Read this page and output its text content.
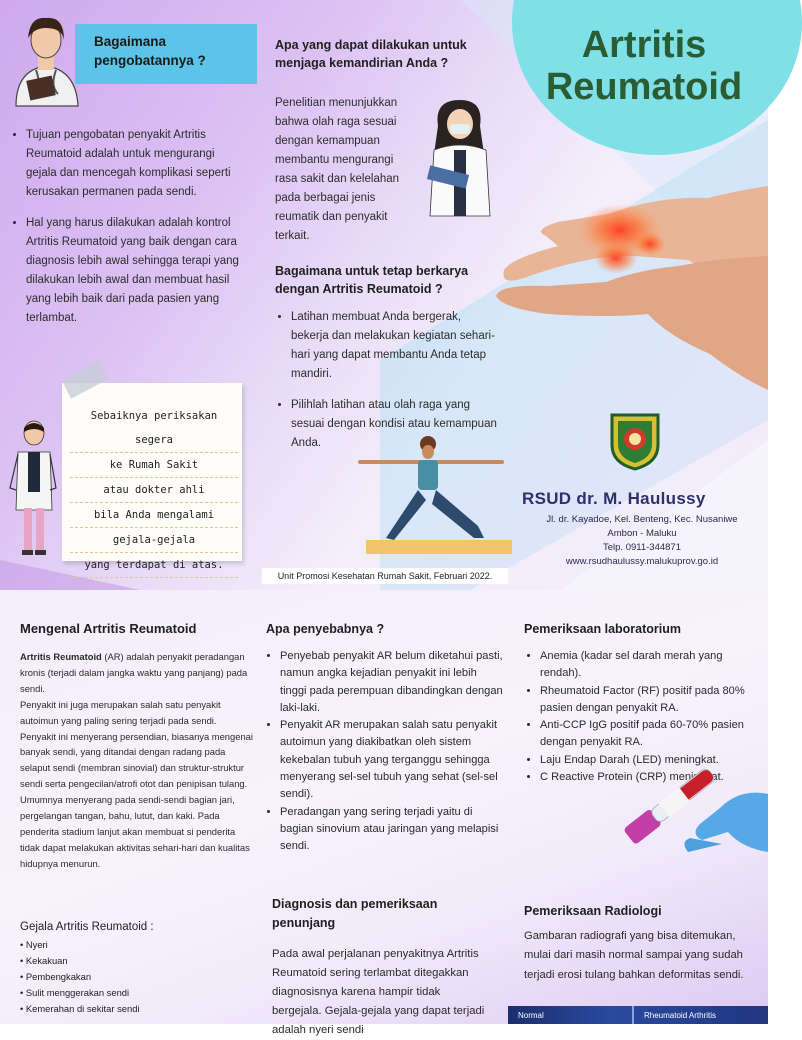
Artritis
Reumatoid
Bagaimana pengobatannya ?
• Tujuan pengobatan penyakit Artritis Reumatoid adalah untuk mengurangi gejala dan mencegah komplikasi seperti kerusakan permanen pada sendi.
• Hal yang harus dilakukan adalah kontrol Artritis Reumatoid yang baik dengan cara diagnosis lebih awal sehingga terapi yang dilakukan lebih awal dan membuat hasil yang lebih baik dari pada pasien yang terlambat.
Sebaiknya periksakan segera
ke Rumah Sakit
atau dokter ahli
bila Anda mengalami
gejala-gejala
yang terdapat di atas.
Apa yang dapat dilakukan untuk menjaga kemandirian Anda ?
Penelitian menunjukkan bahwa olah raga sesuai dengan kemampuan membantu mengurangi rasa sakit dan kelelahan pada berbagai jenis reumatik dan penyakit terkait.
Bagaimana untuk tetap berkarya dengan Artritis Reumatoid ?
• Latihan membuat Anda bergerak, bekerja dan melakukan kegiatan sehari-hari yang dapat membantu Anda tetap mandiri.
• Pilihlah latihan atau olah raga yang sesuai dengan kondisi atau kemampuan Anda.
RSUD dr. M. Haulussy
Jl. dr. Kayadoe, Kel. Benteng, Kec. Nusaniwe
Ambon - Maluku
Telp. 0911-344871
www.rsudhaulussy.malukuprov.go.id
Unit Promosi Kesehatan Rumah Sakit, Februari 2022.
Mengenal Artritis Reumatoid
Artritis Reumatoid (AR) adalah penyakit peradangan kronis (terjadi dalam jangka waktu yang panjang) pada sendi.
Penyakit ini juga merupakan salah satu penyakit autoimun yang paling sering terjadi pada sendi.
Penyakit ini menyerang persendian, biasanya mengenai banyak sendi, yang ditandai dengan radang pada selaput sendi (membran sinovial) dan struktur-struktur sendi serta pengecilan/atrofi otot dan penipisan tulang. Umumnya menyerang pada sendi-sendi bagian jari, pergelangan tangan, bahu, lutut, dan kaki. Pada penderita stadium lanjut akan membuat si penderita tidak dapat melakukan aktivitas sehari-hari dan kualitas hidupnya menurun.
Gejala Artritis Reumatoid :
• Nyeri
• Kekakuan
• Pembengkakan
• Sulit menggerakan sendi
• Kemerahan di sekitar sendi
Apa penyebabnya ?
• Penyebab penyakit AR belum diketahui pasti, namun angka kejadian penyakit ini lebih tinggi pada perempuan dibandingkan dengan laki-laki.
• Penyakit AR merupakan salah satu penyakit autoimun yang diakibatkan oleh sistem kekebalan tubuh yang terganggu sehingga menyerang sel-sel tubuh yang sehat (sel-sel sendi).
• Peradangan yang sering terjadi yaitu di bagian sinovium atau jaringan yang melapisi sendi.
Diagnosis dan pemeriksaan penunjang
Pada awal perjalanan penyakitnya Artritis Reumatoid sering terlambat ditegakkan diagnosisnya karena hampir tidak bergejala. Gejala-gejala yang dapat terjadi adalah nyeri sendi
Pemeriksaan laboratorium
• Anemia (kadar sel darah merah yang rendah).
• Rheumatoid Factor (RF) positif pada 80% pasien dengan penyakit RA.
• Anti-CCP IgG positif pada 60-70% pasien dengan penyakit RA.
• Laju Endap Darah (LED) meningkat.
• C Reactive Protein (CRP) meningkat.
Pemeriksaan Radiologi
Gambaran radiografi yang bisa ditemukan, mulai dari masih normal sampai yang sudah terjadi erosi tulang bahkan deformitas sendi.
Normal	Rheumatoid Arthritis
